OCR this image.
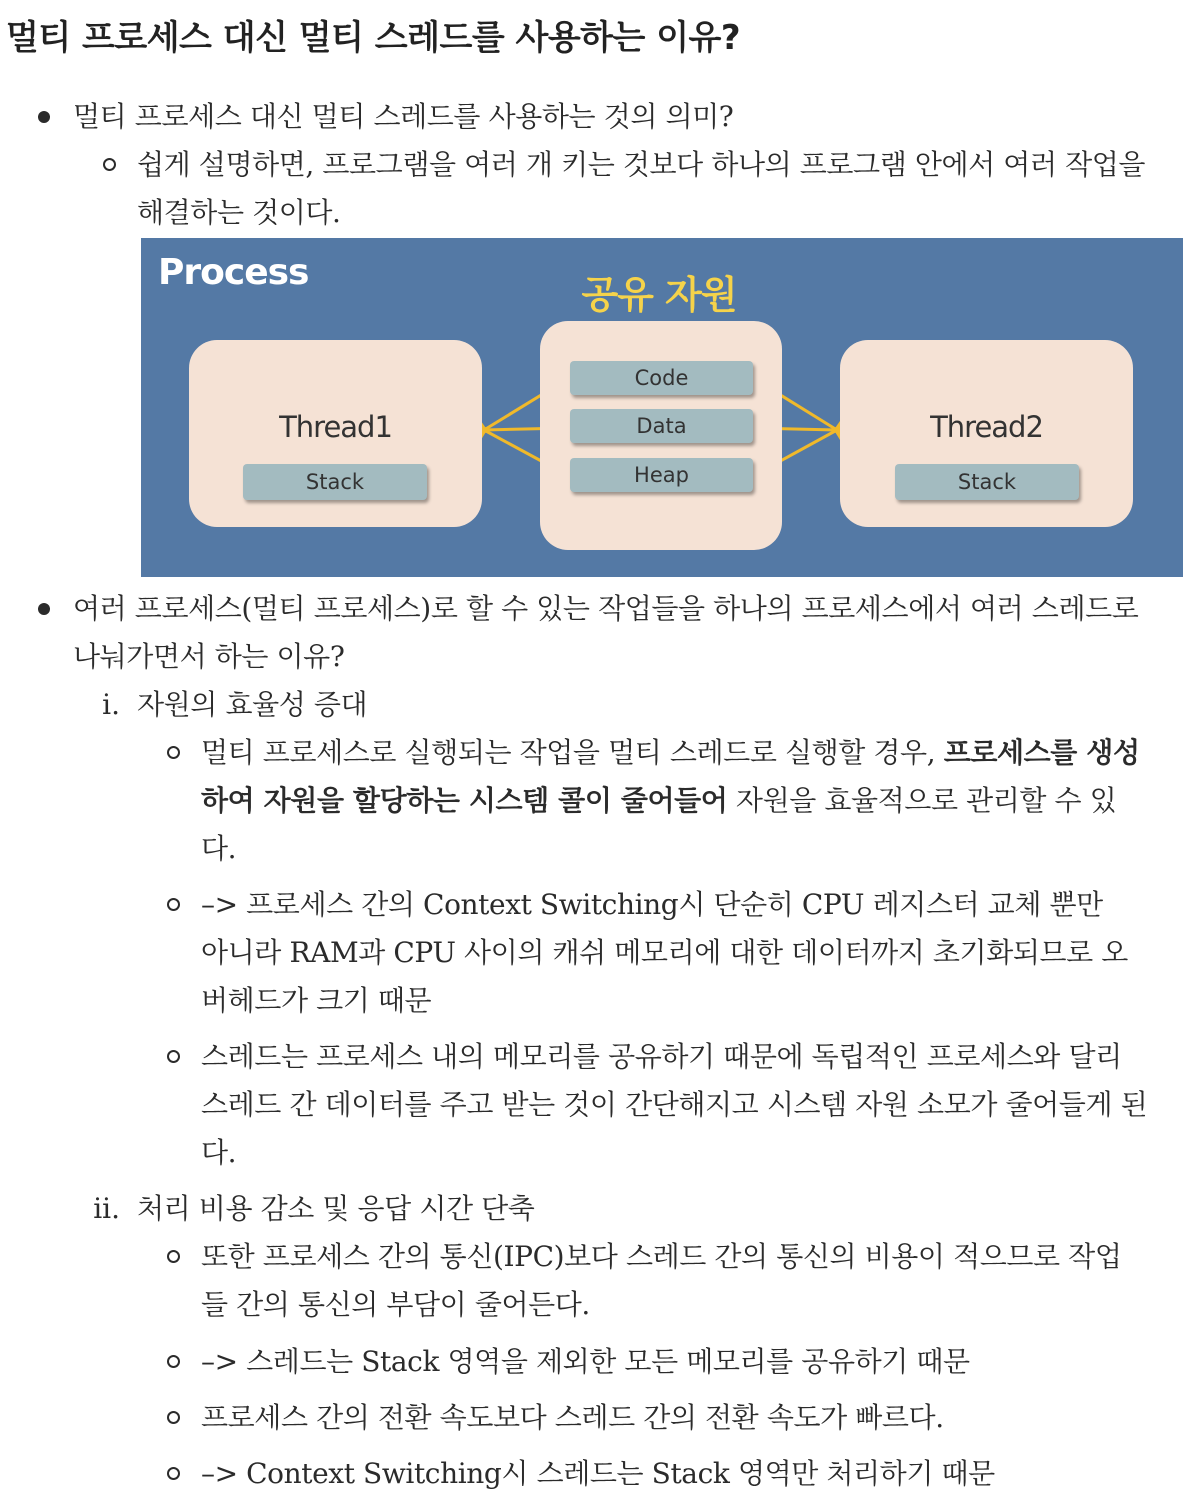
멀티 프로세스 대신 멀티 스레드를 사용하는 이유?
멀티 프로세스 대신 멀티 스레드를 사용하는 것의 의미?
쉽게 설명하면, 프로그램을 여러 개 키는 것보다 하나의 프로그램 안에서 여러 작업을
해결하는 것이다.
Process
공유 자원
Thread1
Stack
Code
Data
Heap
Thread2
Stack
여러 프로세스(멀티 프로세스)로 할 수 있는 작업들을 하나의 프로세스에서 여러 스레드로
나눠가면서 하는 이유?
i. 자원의 효율성 증대
멀티 프로세스로 실행되는 작업을 멀티 스레드로 실행할 경우, 프로세스를 생성
하여 자원을 할당하는 시스템 콜이 줄어들어 자원을 효율적으로 관리할 수 있
다.
–> 프로세스 간의 Context Switching시 단순히 CPU 레지스터 교체 뿐만
아니라 RAM과 CPU 사이의 캐쉬 메모리에 대한 데이터까지 초기화되므로 오
버헤드가 크기 때문
스레드는 프로세스 내의 메모리를 공유하기 때문에 독립적인 프로세스와 달리
스레드 간 데이터를 주고 받는 것이 간단해지고 시스템 자원 소모가 줄어들게 된
다.
ii. 처리 비용 감소 및 응답 시간 단축
또한 프로세스 간의 통신(IPC)보다 스레드 간의 통신의 비용이 적으므로 작업
들 간의 통신의 부담이 줄어든다.
–> 스레드는 Stack 영역을 제외한 모든 메모리를 공유하기 때문
프로세스 간의 전환 속도보다 스레드 간의 전환 속도가 빠르다.
–> Context Switching시 스레드는 Stack 영역만 처리하기 때문
